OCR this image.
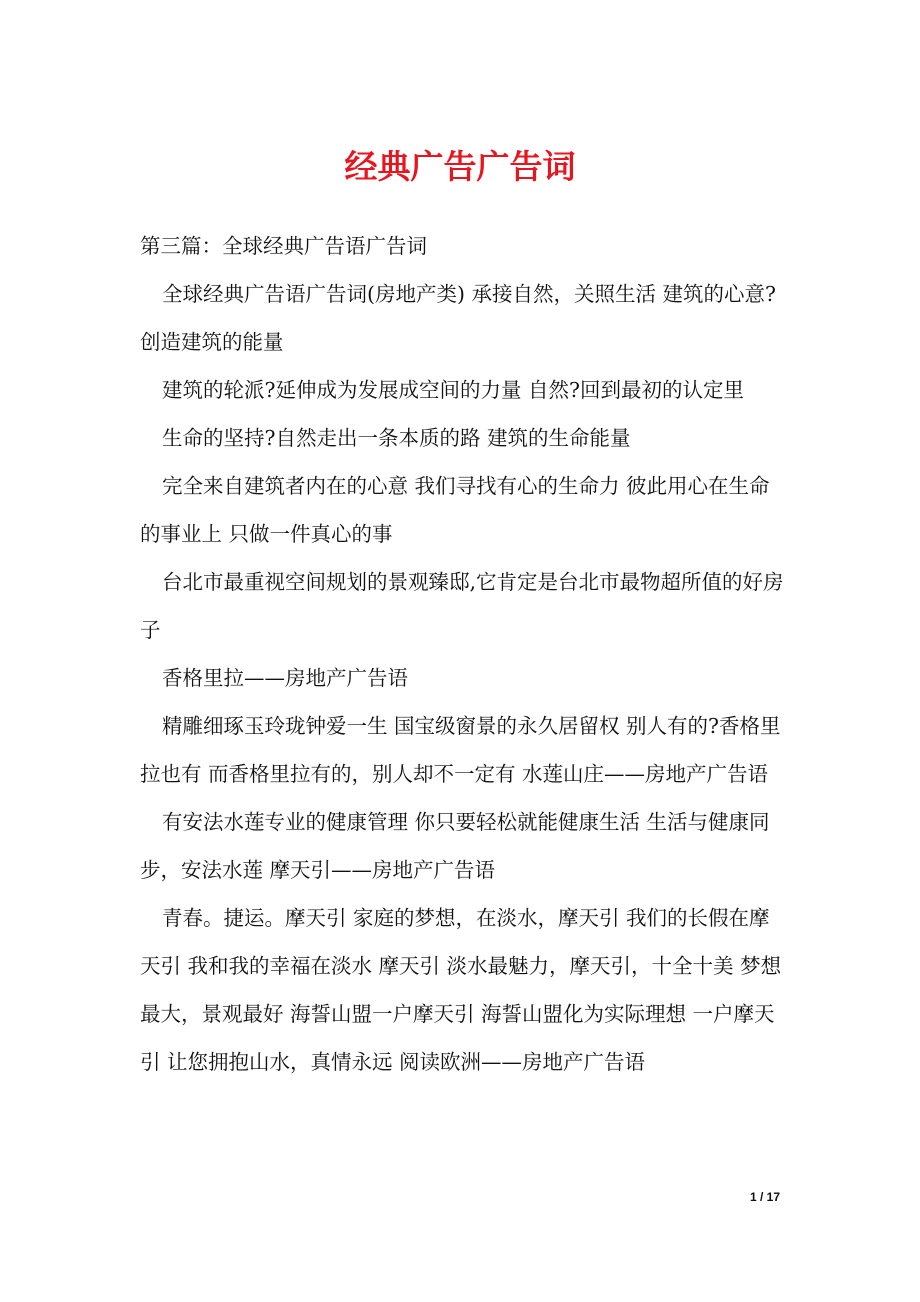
经典广告广告词

第三篇：全球经典广告语广告词

全球经典广告语广告词(房地产类) 承接自然，关照生活 建筑的心意?创造建筑的能量

建筑的轮派?延伸成为发展成空间的力量 自然?回到最初的认定里

生命的坚持?自然走出一条本质的路 建筑的生命能量

完全来自建筑者内在的心意 我们寻找有心的生命力 彼此用心在生命的事业上 只做一件真心的事

台北市最重视空间规划的景观臻邸,它肯定是台北市最物超所值的好房子

香格里拉——房地产广告语

精雕细琢玉玲珑钟爱一生 国宝级窗景的永久居留权 别人有的?香格里拉也有 而香格里拉有的，别人却不一定有 水莲山庄——房地产广告语

有安法水莲专业的健康管理 你只要轻松就能健康生活 生活与健康同步，安法水莲 摩天引——房地产广告语

青春。捷运。摩天引 家庭的梦想，在淡水，摩天引 我们的长假在摩天引 我和我的幸福在淡水 摩天引 淡水最魅力，摩天引，十全十美 梦想最大，景观最好 海誓山盟一户摩天引 海誓山盟化为实际理想 一户摩天引 让您拥抱山水，真情永远 阅读欧洲——房地产广告语

1 / 17
